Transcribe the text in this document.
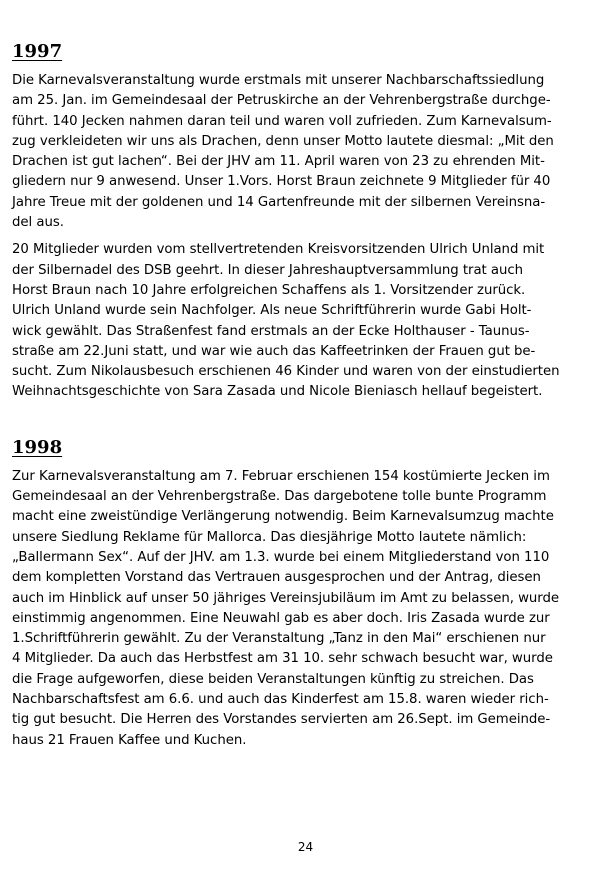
1997

Die Karnevalsveranstaltung wurde erstmals mit unserer Nachbarschaftssiedlung
am 25. Jan. im Gemeindesaal der Petruskirche an der Vehrenbergstraße durchge-
führt. 140 Jecken nahmen daran teil und waren voll zufrieden. Zum Karnevalsum-
zug verkleideten wir uns als Drachen, denn unser Motto lautete diesmal: „Mit den
Drachen ist gut lachen“. Bei der JHV am 11. April waren von 23 zu ehrenden Mit-
gliedern nur 9 anwesend. Unser 1.Vors. Horst Braun zeichnete 9 Mitglieder für 40
Jahre Treue mit der goldenen und 14 Gartenfreunde mit der silbernen Vereinsna-
del aus.

20 Mitglieder wurden vom stellvertretenden Kreisvorsitzenden Ulrich Unland mit
der Silbernadel des DSB geehrt. In dieser Jahreshauptversammlung trat auch
Horst Braun nach 10 Jahre erfolgreichen Schaffens als 1. Vorsitzender zurück.
Ulrich Unland wurde sein Nachfolger. Als neue Schriftführerin wurde Gabi Holt-
wick gewählt. Das Straßenfest fand erstmals an der Ecke Holthauser - Taunus-
straße am 22.Juni statt, und war wie auch das Kaffeetrinken der Frauen gut be-
sucht. Zum Nikolausbesuch erschienen 46 Kinder und waren von der einstudierten
Weihnachtsgeschichte von Sara Zasada und Nicole Bieniasch hellauf begeistert.

1998

Zur Karnevalsveranstaltung am 7. Februar erschienen 154 kostümierte Jecken im
Gemeindesaal an der Vehrenbergstraße. Das dargebotene tolle bunte Programm
macht eine zweistündige Verlängerung notwendig. Beim Karnevalsumzug machte
unsere Siedlung Reklame für Mallorca. Das diesjährige Motto lautete nämlich:
„Ballermann Sex“. Auf der JHV. am 1.3. wurde bei einem Mitgliederstand von 110
dem kompletten Vorstand das Vertrauen ausgesprochen und der Antrag, diesen
auch im Hinblick auf unser 50 jähriges Vereinsjubiläum im Amt zu belassen, wurde
einstimmig angenommen. Eine Neuwahl gab es aber doch. Iris Zasada wurde zur
1.Schriftführerin gewählt. Zu der Veranstaltung „Tanz in den Mai“ erschienen nur
4 Mitglieder. Da auch das Herbstfest am 31 10. sehr schwach besucht war, wurde
die Frage aufgeworfen, diese beiden Veranstaltungen künftig zu streichen. Das
Nachbarschaftsfest am 6.6. und auch das Kinderfest am 15.8. waren wieder rich-
tig gut besucht. Die Herren des Vorstandes servierten am 26.Sept. im Gemeinde-
haus 21 Frauen Kaffee und Kuchen.

24
